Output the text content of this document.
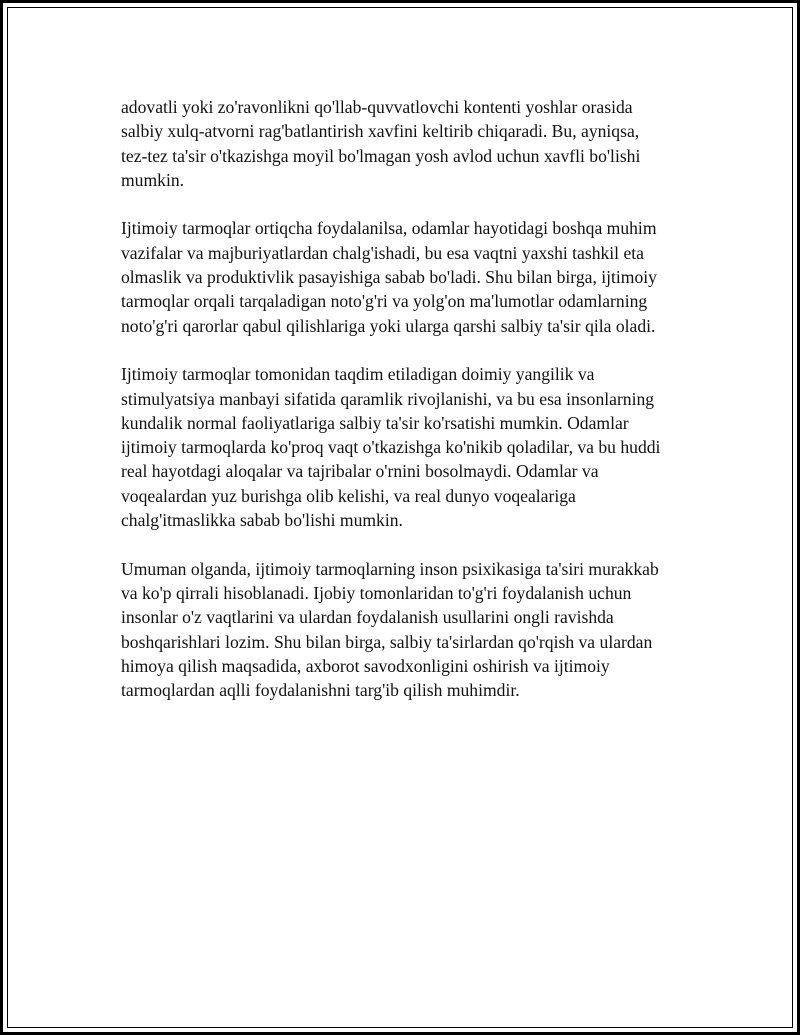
adovatli yoki zo'ravonlikni qo'llab-quvvatlovchi kontenti yoshlar orasida
salbiy xulq-atvorni rag'batlantirish xavfini keltirib chiqaradi. Bu, ayniqsa,
tez-tez ta'sir o'tkazishga moyil bo'lmagan yosh avlod uchun xavfli bo'lishi
mumkin.

Ijtimoiy tarmoqlar ortiqcha foydalanilsa, odamlar hayotidagi boshqa muhim
vazifalar va majburiyatlardan chalg'ishadi, bu esa vaqtni yaxshi tashkil eta
olmaslik va produktivlik pasayishiga sabab bo'ladi. Shu bilan birga, ijtimoiy
tarmoqlar orqali tarqaladigan noto'g'ri va yolg'on ma'lumotlar odamlarning
noto'g'ri qarorlar qabul qilishlariga yoki ularga qarshi salbiy ta'sir qila oladi.

Ijtimoiy tarmoqlar tomonidan taqdim etiladigan doimiy yangilik va
stimulyatsiya manbayi sifatida qaramlik rivojlanishi, va bu esa insonlarning
kundalik normal faoliyatlariga salbiy ta'sir ko'rsatishi mumkin. Odamlar
ijtimoiy tarmoqlarda ko'proq vaqt o'tkazishga ko'nikib qoladilar, va bu huddi
real hayotdagi aloqalar va tajribalar o'rnini bosolmaydi. Odamlar va
voqealardan yuz burishga olib kelishi, va real dunyo voqealariga
chalg'itmaslikka sabab bo'lishi mumkin.

Umuman olganda, ijtimoiy tarmoqlarning inson psixikasiga ta'siri murakkab
va ko'p qirrali hisoblanadi. Ijobiy tomonlaridan to'g'ri foydalanish uchun
insonlar o'z vaqtlarini va ulardan foydalanish usullarini ongli ravishda
boshqarishlari lozim. Shu bilan birga, salbiy ta'sirlardan qo'rqish va ulardan
himoya qilish maqsadida, axborot savodxonligini oshirish va ijtimoiy
tarmoqlardan aqlli foydalanishni targ'ib qilish muhimdir.
